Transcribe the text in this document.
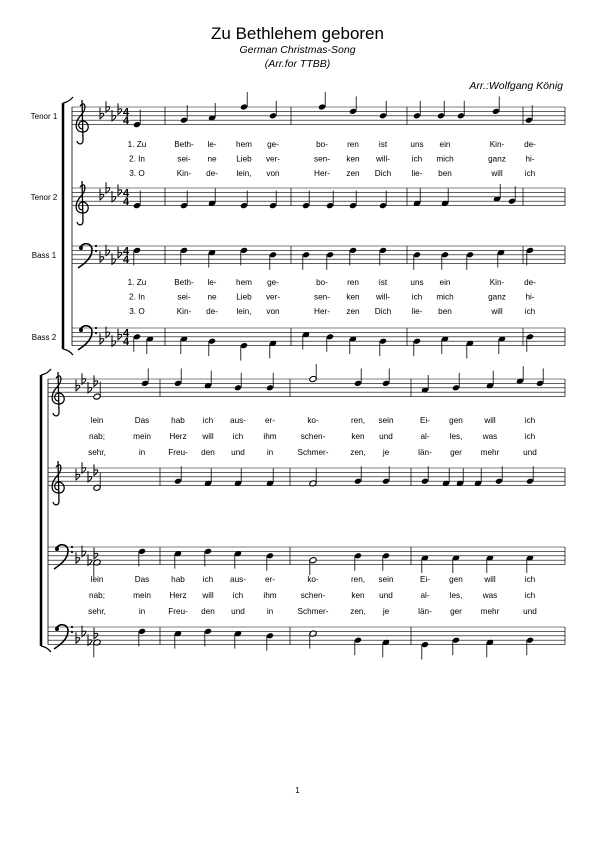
Zu Bethlehem geboren
German Christmas-Song
(Arr.for TTBB)
Arr.:Wolfgang König
4
4
Tenor 1
4
4
Tenor 2
4
4
Bass 1
4
4
Bass 2
1. Zu	Beth- le- hem ge-	bo- ren ist	uns ein	Kin- de-
2. In	sei- ne Lieb ver-	sen- ken will-	ich mich	ganz hi-
3. O	Kin- de- lein, von	Her- zen Dich lie- ben	will	ich
1. Zu	Beth- le- hem ge-	bo- ren ist	uns ein	Kin- de-
2. In	sei- ne Lieb ver-	sen- ken will-	ich mich	ganz hi-
3. O	Kin- de- lein, von	Her- zen Dich lie- ben	will	ich
lein	Das	hab ich aus- er-	ko-	ren, sein	Ei- gen	will	ich
nab;	mein Herz will ich ihm	schen-	ken und	al- les, was	ich
sehr,	in	Freu- den und	in	Schmer-	zen, je	län- ger mehr	und
lein	Das	hab ich aus- er-	ko-	ren, sein	Ei- gen	will	ich
nab;	mein Herz will ich ihm	schen-	ken und	al- les, was	ich
sehr,	in	Freu- den und	in	Schmer-	zen, je	län- ger mehr	und
1
